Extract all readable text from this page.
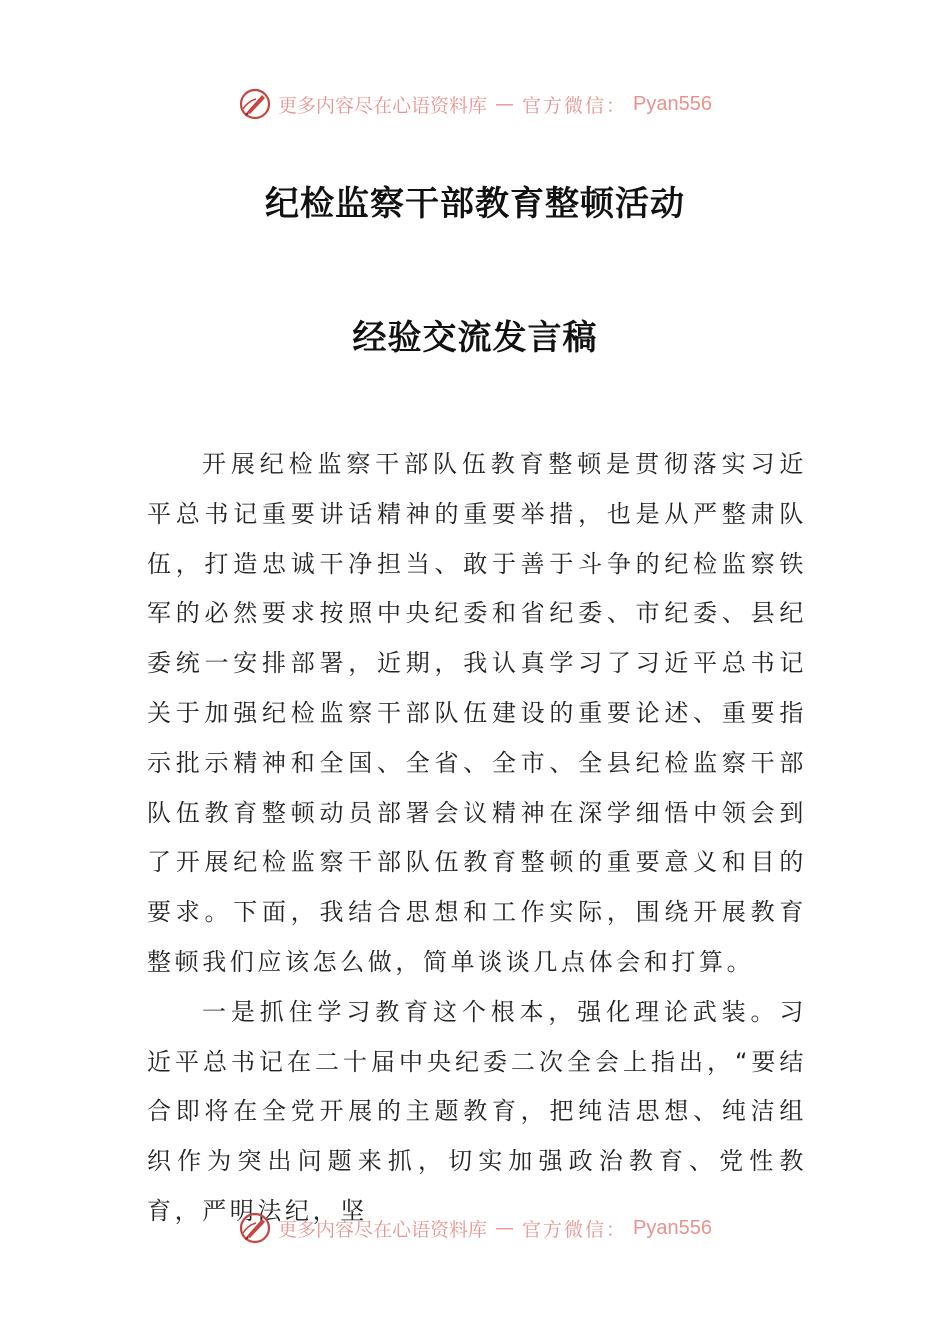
更多内容尽在心语资料库 — 官方微信： Pyan556
纪检监察干部教育整顿活动
经验交流发言稿

开展纪检监察干部队伍教育整顿是贯彻落实习近平总书记重要讲话精神的重要举措，也是从严整肃队伍，打造忠诚干净担当、敢于善于斗争的纪检监察铁军的必然要求按照中央纪委和省纪委、市纪委、县纪委统一安排部署，近期，我认真学习了习近平总书记关于加强纪检监察干部队伍建设的重要论述、重要指示批示精神和全国、全省、全市、全县纪检监察干部队伍教育整顿动员部署会议精神在深学细悟中领会到了开展纪检监察干部队伍教育整顿的重要意义和目的要求。下面，我结合思想和工作实际，围绕开展教育整顿我们应该怎么做，简单谈谈几点体会和打算。

一是抓住学习教育这个根本，强化理论武装。习近平总书记在二十届中央纪委二次全会上指出，“要结合即将在全党开展的主题教育，把纯洁思想、纯洁组织作为突出问题来抓，切实加强政治教育、党性教育，严明法纪，坚

更多内容尽在心语资料库 — 官方微信： Pyan556
